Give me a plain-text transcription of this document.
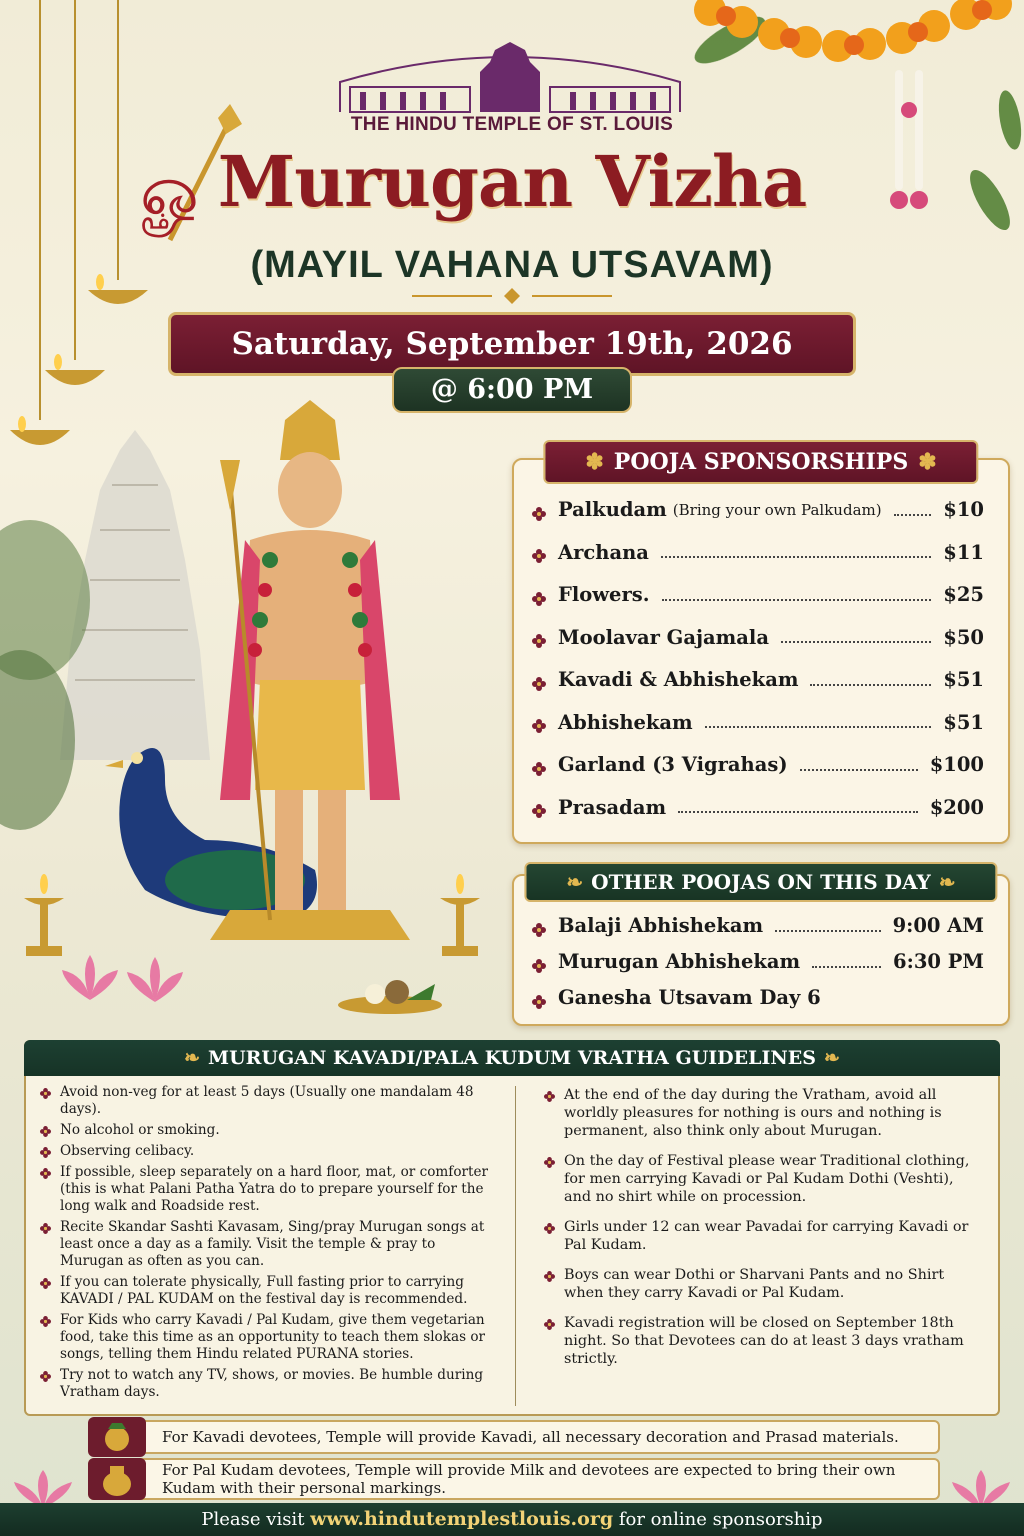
THE HINDU TEMPLE OF ST. LOUIS
ௐ Murugan Vizha
(MAYIL VAHANA UTSAVAM)
Saturday, September 19th, 2026
@ 6:00 PM
✽ POOJA SPONSORSHIPS ✽
Palkudam (Bring your own Palkudam)	$10
Archana	$11
Flowers.	$25
Moolavar Gajamala	$50
Kavadi & Abhishekam	$51
Abhishekam	$51
Garland (3 Vigrahas)	$100
Prasadam	$200
❧ OTHER POOJAS ON THIS DAY ❧
Balaji Abhishekam	9:00 AM
Murugan Abhishekam	6:30 PM
Ganesha Utsavam Day 6
❧ MURUGAN KAVADI/PALA KUDUM VRATHA GUIDELINES ❧
Avoid non-veg for at least 5 days (Usually one mandalam 48 days).
No alcohol or smoking.
Observing celibacy.
If possible, sleep separately on a hard floor, mat, or comforter (this is what Palani Patha Yatra do to prepare yourself for the long walk and Roadside rest.
Recite Skandar Sashti Kavasam, Sing/pray Murugan songs at least once a day as a family. Visit the temple & pray to Murugan as often as you can.
If you can tolerate physically, Full fasting prior to carrying KAVADI / PAL KUDAM on the festival day is recommended.
For Kids who carry Kavadi / Pal Kudam, give them vegetarian food, take this time as an opportunity to teach them slokas or songs, telling them Hindu related PURANA stories.
Try not to watch any TV, shows, or movies. Be humble during Vratham days.
At the end of the day during the Vratham, avoid all worldly pleasures for nothing is ours and nothing is permanent, also think only about Murugan.
On the day of Festival please wear Traditional clothing, for men carrying Kavadi or Pal Kudam Dothi (Veshti), and no shirt while on procession.
Girls under 12 can wear Pavadai for carrying Kavadi or Pal Kudam.
Boys can wear Dothi or Sharvani Pants and no Shirt when they carry Kavadi or Pal Kudam.
Kavadi registration will be closed on September 18th night. So that Devotees can do at least 3 days vratham strictly.
For Kavadi devotees, Temple will provide Kavadi, all necessary decoration and Prasad materials.
For Pal Kudam devotees, Temple will provide Milk and devotees are expected to bring their own Kudam with their personal markings.
Please visit www.hindutemplestlouis.org for online sponsorship
